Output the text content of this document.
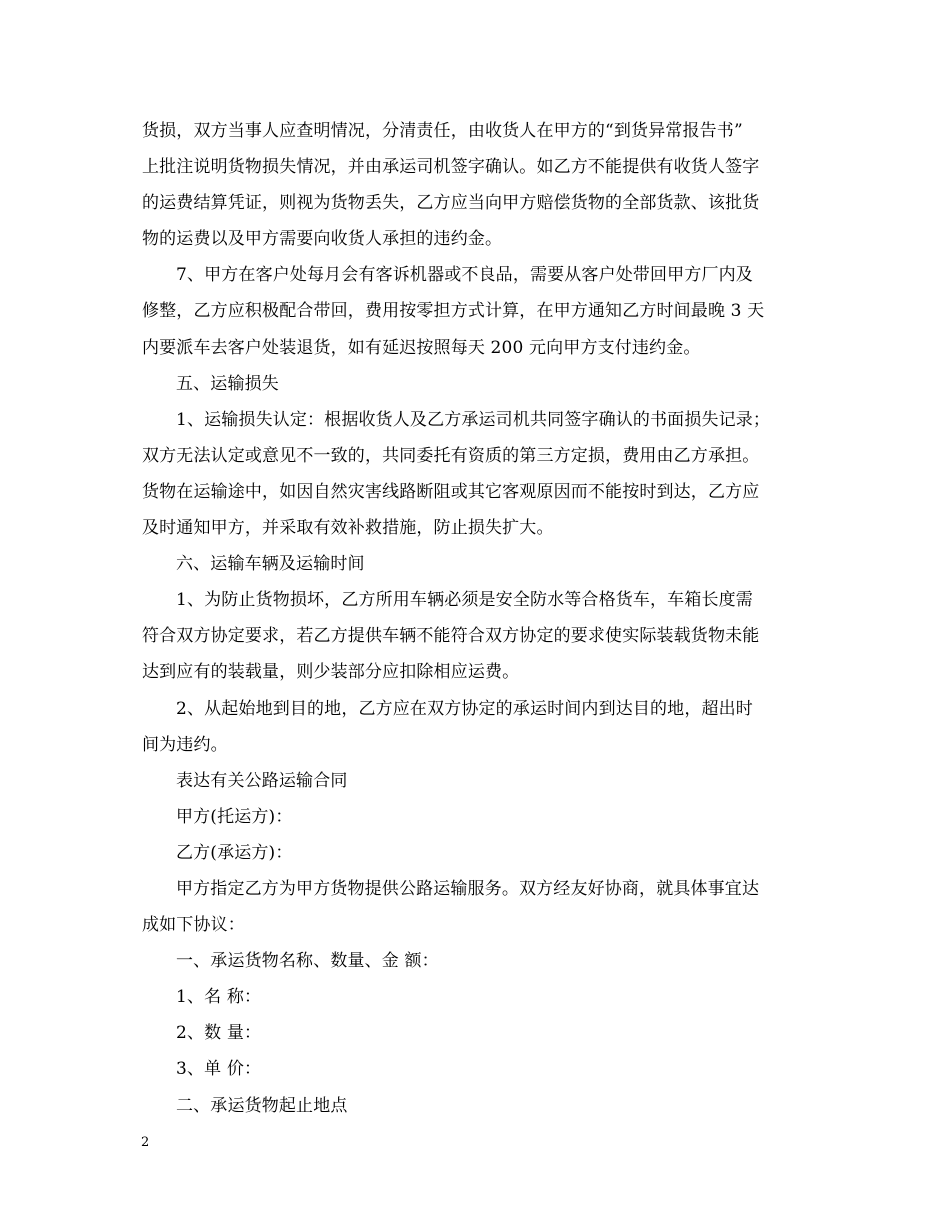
货损，双方当事人应查明情况，分清责任，由收货人在甲方的“到货异常报告书”
上批注说明货物损失情况，并由承运司机签字确认。如乙方不能提供有收货人签字
的运费结算凭证，则视为货物丢失，乙方应当向甲方赔偿货物的全部货款、该批货
物的运费以及甲方需要向收货人承担的违约金。
7、甲方在客户处每月会有客诉机器或不良品，需要从客户处带回甲方厂内及
修整，乙方应积极配合带回，费用按零担方式计算，在甲方通知乙方时间最晚 3 天
内要派车去客户处装退货，如有延迟按照每天 200 元向甲方支付违约金。
五、运输损失
1、运输损失认定：根据收货人及乙方承运司机共同签字确认的书面损失记录；
双方无法认定或意见不一致的，共同委托有资质的第三方定损，费用由乙方承担。
货物在运输途中，如因自然灾害线路断阻或其它客观原因而不能按时到达，乙方应
及时通知甲方，并采取有效补救措施，防止损失扩大。
六、运输车辆及运输时间
1、为防止货物损坏，乙方所用车辆必须是安全防水等合格货车，车箱长度需
符合双方协定要求，若乙方提供车辆不能符合双方协定的要求使实际装载货物未能
达到应有的装载量，则少装部分应扣除相应运费。
2、从起始地到目的地，乙方应在双方协定的承运时间内到达目的地，超出时
间为违约。
表达有关公路运输合同
甲方(托运方)：
乙方(承运方)：
甲方指定乙方为甲方货物提供公路运输服务。双方经友好协商，就具体事宜达
成如下协议：
一、承运货物名称、数量、金 额：
1、名 称：
2、数 量：
3、单 价：
二、承运货物起止地点
2
